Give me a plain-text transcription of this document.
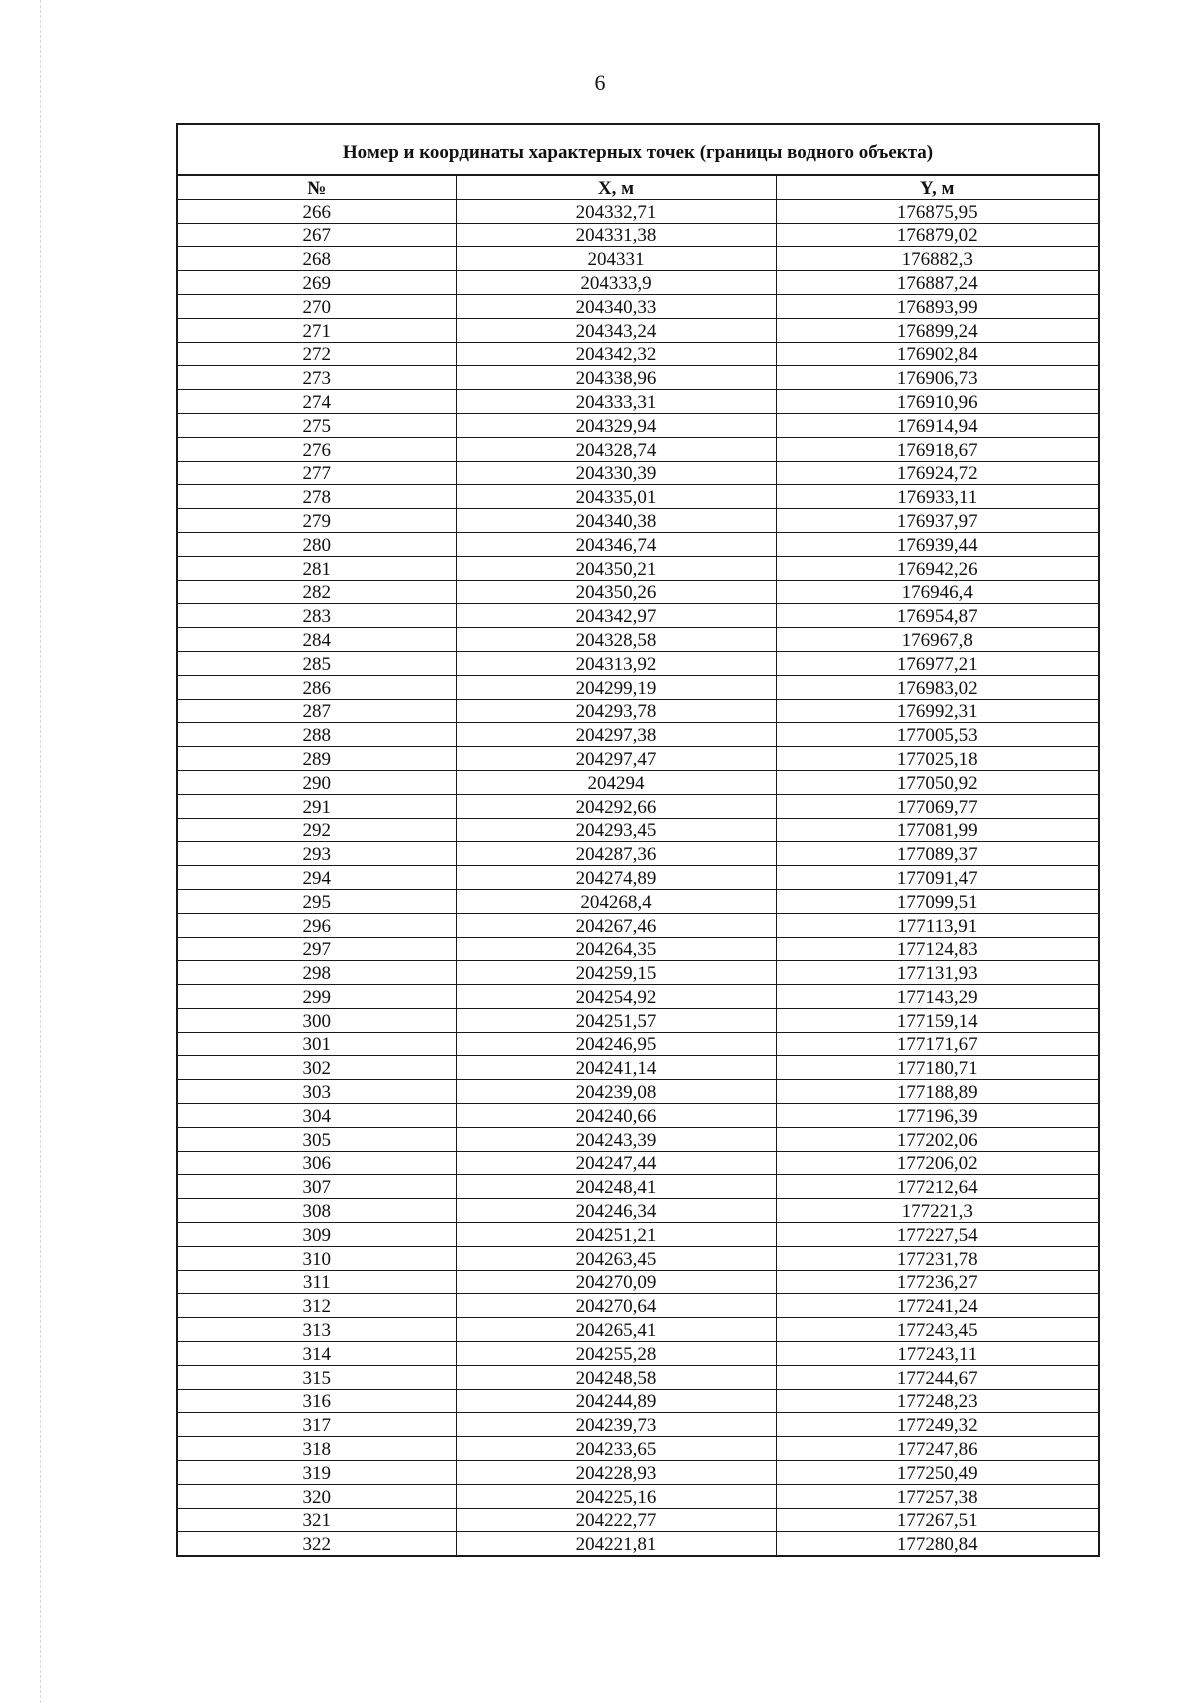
6
Номер и координаты характерных точек (границы водного объекта)
№	X, м	Y, м
266	204332,71	176875,95
267	204331,38	176879,02
268	204331	176882,3
269	204333,9	176887,24
270	204340,33	176893,99
271	204343,24	176899,24
272	204342,32	176902,84
273	204338,96	176906,73
274	204333,31	176910,96
275	204329,94	176914,94
276	204328,74	176918,67
277	204330,39	176924,72
278	204335,01	176933,11
279	204340,38	176937,97
280	204346,74	176939,44
281	204350,21	176942,26
282	204350,26	176946,4
283	204342,97	176954,87
284	204328,58	176967,8
285	204313,92	176977,21
286	204299,19	176983,02
287	204293,78	176992,31
288	204297,38	177005,53
289	204297,47	177025,18
290	204294	177050,92
291	204292,66	177069,77
292	204293,45	177081,99
293	204287,36	177089,37
294	204274,89	177091,47
295	204268,4	177099,51
296	204267,46	177113,91
297	204264,35	177124,83
298	204259,15	177131,93
299	204254,92	177143,29
300	204251,57	177159,14
301	204246,95	177171,67
302	204241,14	177180,71
303	204239,08	177188,89
304	204240,66	177196,39
305	204243,39	177202,06
306	204247,44	177206,02
307	204248,41	177212,64
308	204246,34	177221,3
309	204251,21	177227,54
310	204263,45	177231,78
311	204270,09	177236,27
312	204270,64	177241,24
313	204265,41	177243,45
314	204255,28	177243,11
315	204248,58	177244,67
316	204244,89	177248,23
317	204239,73	177249,32
318	204233,65	177247,86
319	204228,93	177250,49
320	204225,16	177257,38
321	204222,77	177267,51
322	204221,81	177280,84
